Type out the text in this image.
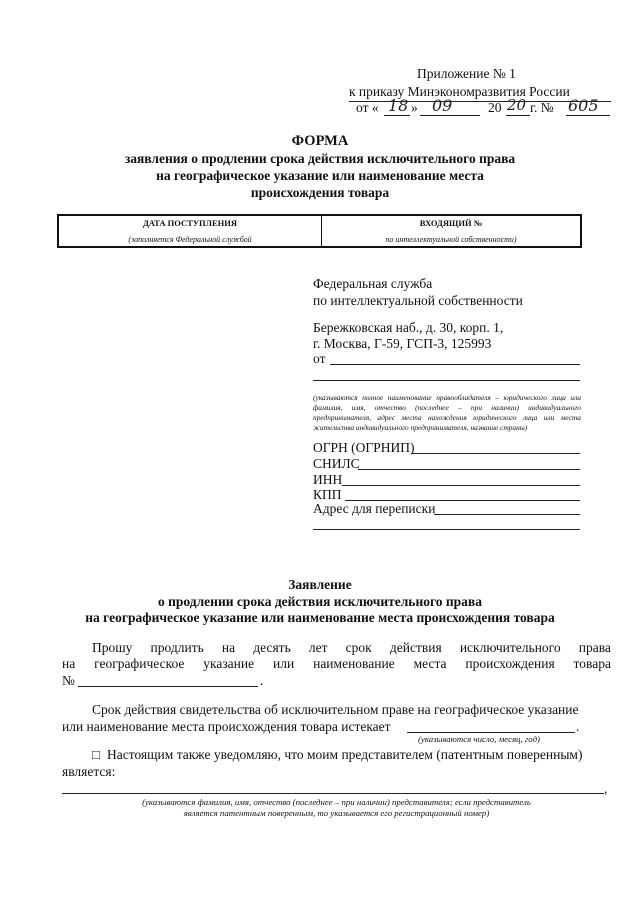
Приложение № 1
к приказу Минэкономразвития России
от « 18 » 09	20 20 г. № 605
ФОРМА
заявления о продлении срока действия исключительного права
на географическое указание или наименование места
происхождения товара
ДАТА ПОСТУПЛЕНИЯ	ВХОДЯЩИЙ №
(заполняется Федеральной службой	по интеллектуальной собственности)
Федеральная служба
по интеллектуальной собственности
Бережковская наб., д. 30, корп. 1,
г. Москва, Г-59, ГСП-3, 125993
от
(указываются полное наименование правообладателя – юридического лица или фамилия, имя, отчество (последнее – при наличии) индивидуального предпринимателя, адрес места нахождения юридического лица или места жительства индивидуального предпринимателя, название страны)
ОГРН (ОГРНИП)
СНИЛС
ИНН
КПП
Адрес для переписки
Заявление
о продлении срока действия исключительного права
на географическое указание или наименование места происхождения товара
Прошу продлить на десять лет срок действия исключительного права
на географическое указание или наименование места происхождения товара
№	.
Срок действия свидетельства об исключительном праве на географическое указание
или наименование места происхождения товара истекает	.
(указываются число, месяц, год)
□ Настоящим также уведомляю, что моим представителем (патентным поверенным)
является:
,
(указываются фамилия, имя, отчество (последнее – при наличии) представителя; если представитель
является патентным поверенным, то указывается его регистрационный номер)
